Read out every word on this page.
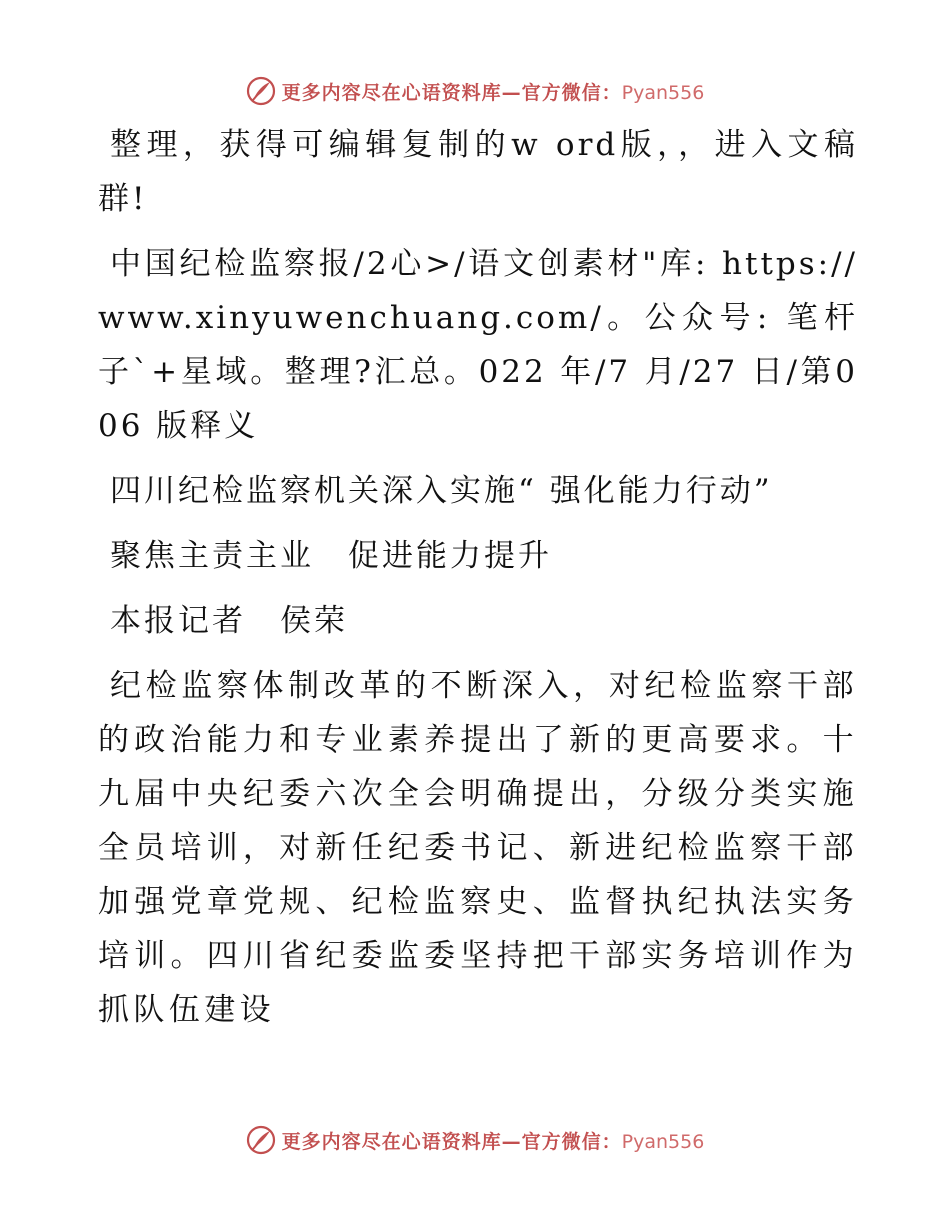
更多内容尽在心语资料库—官方微信：Pyan556

整理，获得可编辑复制的w ord版，，进入文稿群!

中国纪检监察报/2心>/语文创素材"库: https://www.xinyuwenchuang.com/。公众号: 笔杆子`+星域。整理?汇总。022 年/7 月/27 日/第006 版释义

四川纪检监察机关深入实施“ 强化能力行动”

聚焦主责主业　促进能力提升

本报记者　侯荣

纪检监察体制改革的不断深入，对纪检监察干部的政治能力和专业素养提出了新的更高要求。十九届中央纪委六次全会明确提出，分级分类实施全员培训，对新任纪委书记、新进纪检监察干部加强党章党规、纪检监察史、监督执纪执法实务培训。四川省纪委监委坚持把干部实务培训作为抓队伍建设

更多内容尽在心语资料库—官方微信：Pyan556
